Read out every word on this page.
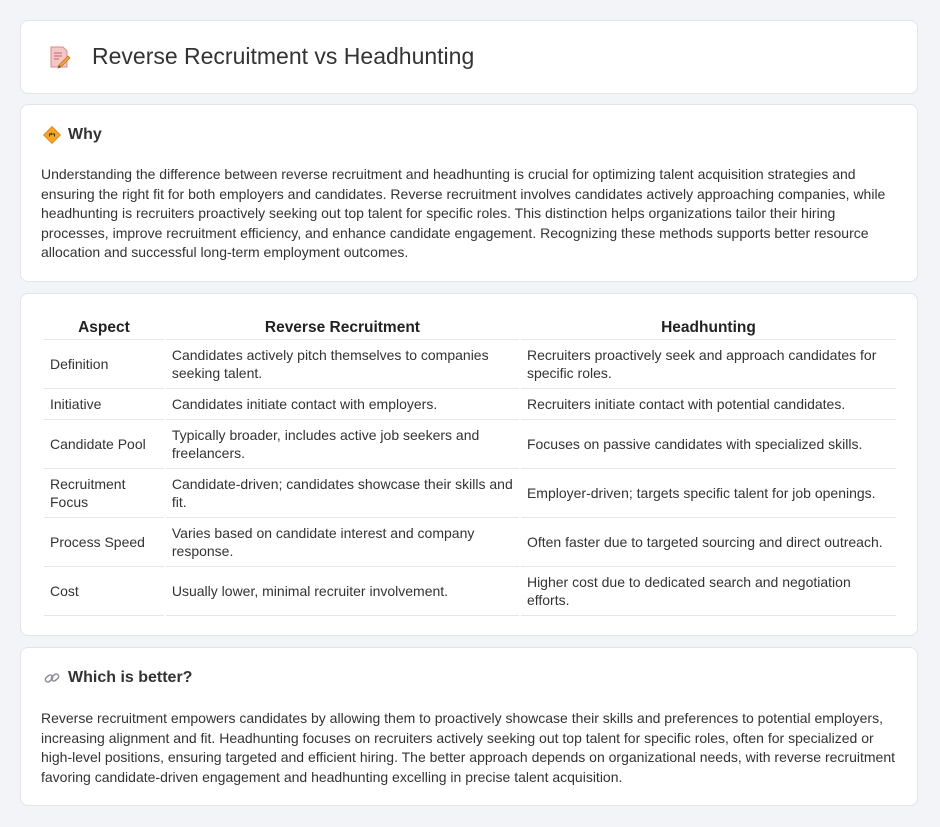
Reverse Recruitment vs Headhunting
Why

Understanding the difference between reverse recruitment and headhunting is crucial for optimizing talent acquisition strategies and ensuring the right fit for both employers and candidates. Reverse recruitment involves candidates actively approaching companies, while headhunting is recruiters proactively seeking out top talent for specific roles. This distinction helps organizations tailor their hiring processes, improve recruitment efficiency, and enhance candidate engagement. Recognizing these methods supports better resource allocation and successful long-term employment outcomes.

Aspect	Reverse Recruitment	Headhunting
Definition	Candidates actively pitch themselves to companies seeking talent.	Recruiters proactively seek and approach candidates for specific roles.
Initiative	Candidates initiate contact with employers.	Recruiters initiate contact with potential candidates.
Candidate Pool	Typically broader, includes active job seekers and freelancers.	Focuses on passive candidates with specialized skills.
Recruitment Focus	Candidate-driven; candidates showcase their skills and fit.	Employer-driven; targets specific talent for job openings.
Process Speed	Varies based on candidate interest and company response.	Often faster due to targeted sourcing and direct outreach.
Cost	Usually lower, minimal recruiter involvement.	Higher cost due to dedicated search and negotiation efforts.
Which is better?

Reverse recruitment empowers candidates by allowing them to proactively showcase their skills and preferences to potential employers, increasing alignment and fit. Headhunting focuses on recruiters actively seeking out top talent for specific roles, often for specialized or high-level positions, ensuring targeted and efficient hiring. The better approach depends on organizational needs, with reverse recruitment favoring candidate-driven engagement and headhunting excelling in precise talent acquisition.
